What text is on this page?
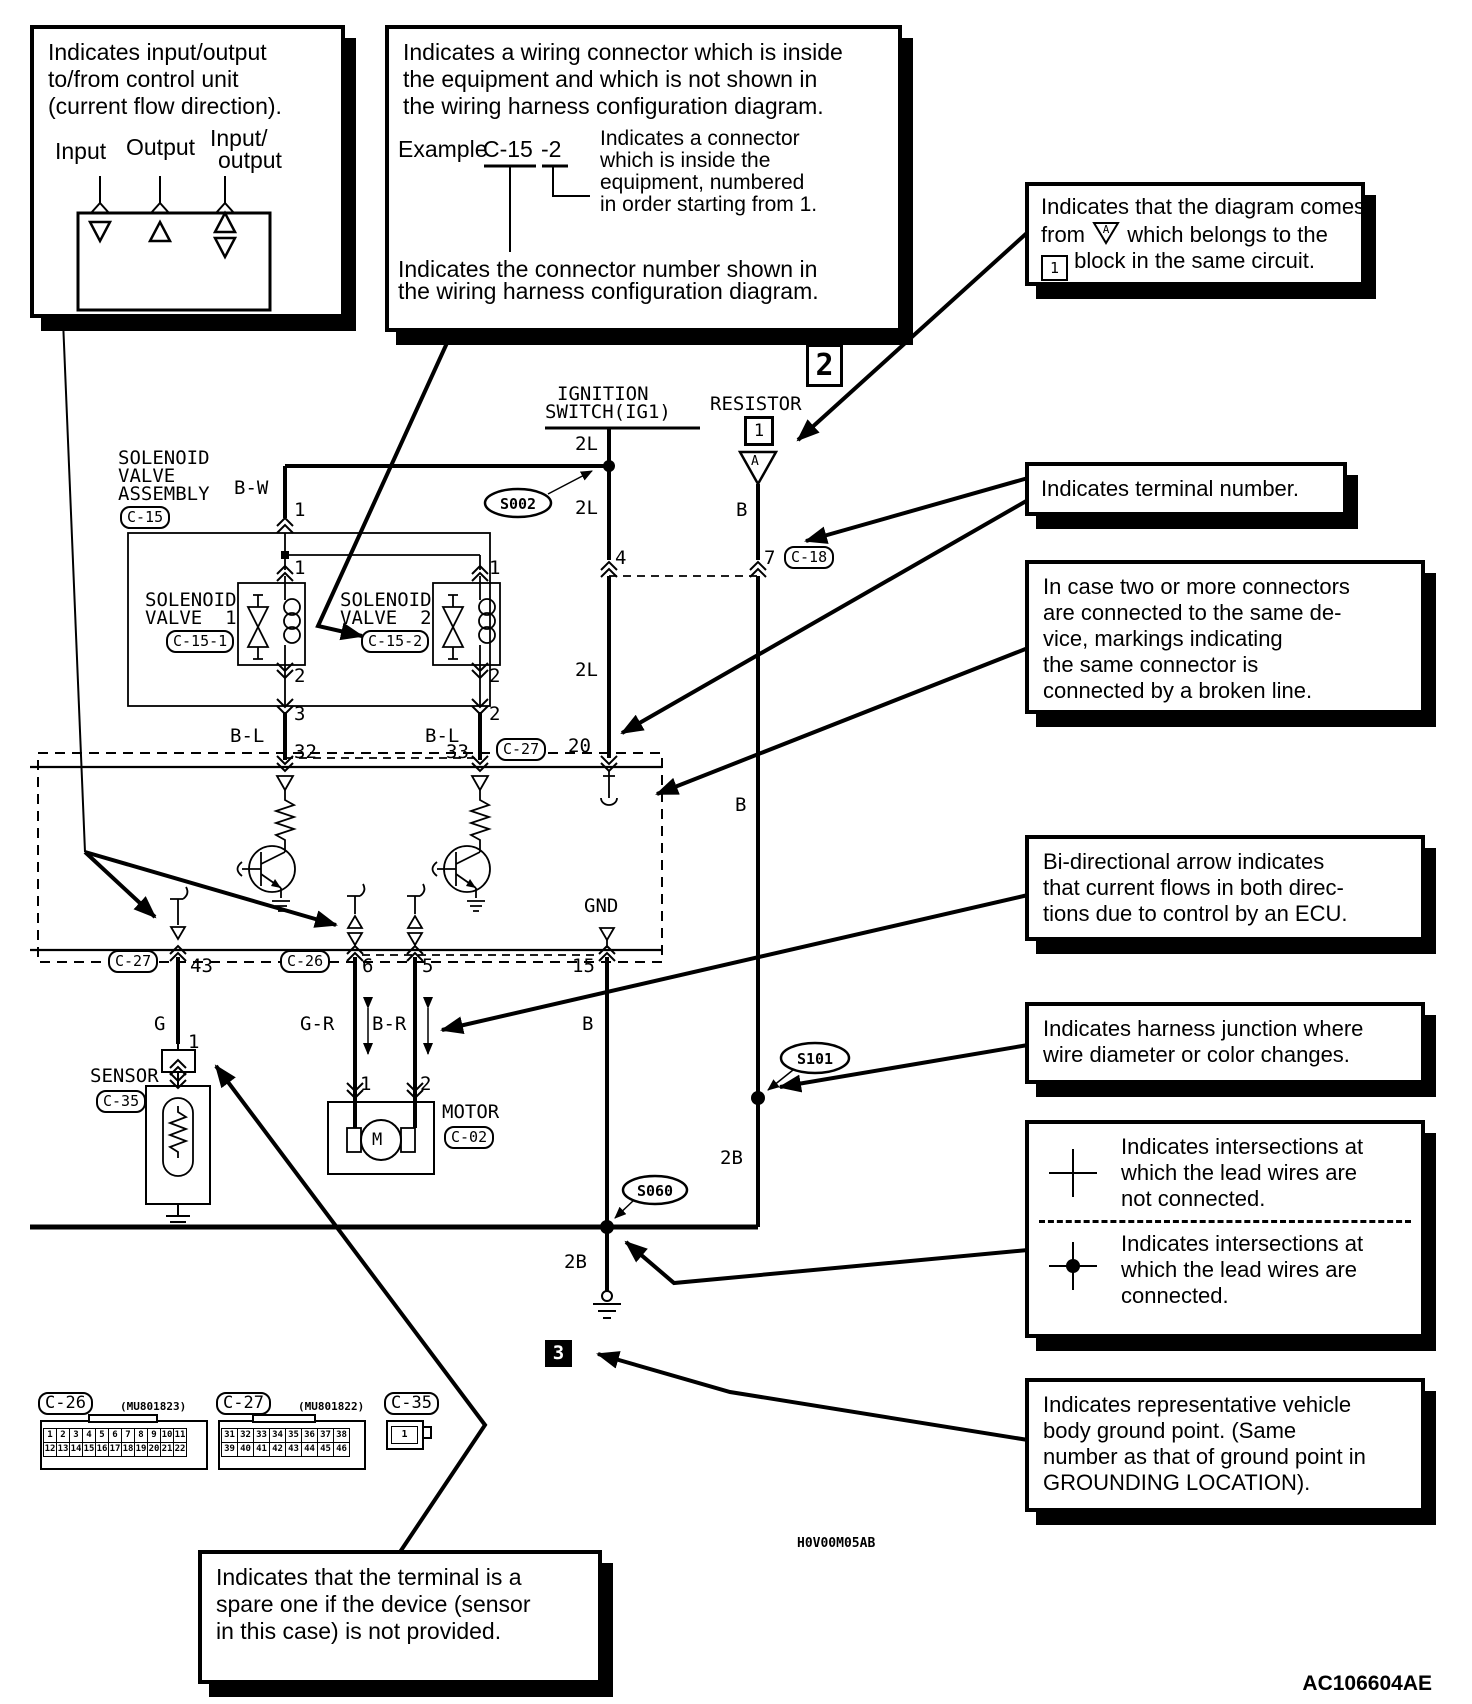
Indicates input/output
to/from control unit
(current flow direction).
Input Output Input/
output
Indicates a wiring connector which is inside
the equipment and which is not shown in
the wiring harness configuration diagram.
Example
C-15 -2 Indicates a connector
which is inside the
equipment, numbered
in order starting from 1.
Indicates the connector number shown in
the wiring harness configuration diagram.
Indicates that the diagram comes
from A which belongs to the
1 block in the same circuit.
Indicates terminal number.
In case two or more connectors
are connected to the same de-
vice, markings indicating
the same connector is
connected by a broken line.
Bi-directional arrow indicates
that current flows in both direc-
tions due to control by an ECU.
Indicates harness junction where
wire diameter or color changes.
Indicates intersections at
which the lead wires are
not connected.
Indicates intersections at
which the lead wires are
connected.
Indicates representative vehicle
body ground point. (Same
number as that of ground point in
GROUNDING LOCATION).
Indicates that the terminal is a
spare one if the device (sensor
in this case) is not provided.
IGNITION
SWITCH(IG1)
2L
2L
2L
S002
RESISTOR
1
A
2
B
4	7	C-18
20
B
SOLENOID
VALVE
ASSEMBLY
C-15
B-W
1
SOLENOID
VALVE  1
C-15-1
SOLENOID
VALVE  2
C-15-2
1	1
2	2
3	2
B-L	B-L
32	33	C-27
GND
15
C-27	43	C-26	6	5
G
1
SENSOR
C-35
G-R B-R
1	2
MOTOR
C-02
M
B
S101
2B
S060
2B
3
C-26	(MU801823)
1 2 3 4 5 6 7 8 9 10 11
12 13 14 15 16 17 18 19 20 21 22
C-27	(MU801822)
31 32 33 34 35 36 37 38
39 40 41 42 43 44 45 46
C-35
1
H0V00M05AB
AC106604AE
